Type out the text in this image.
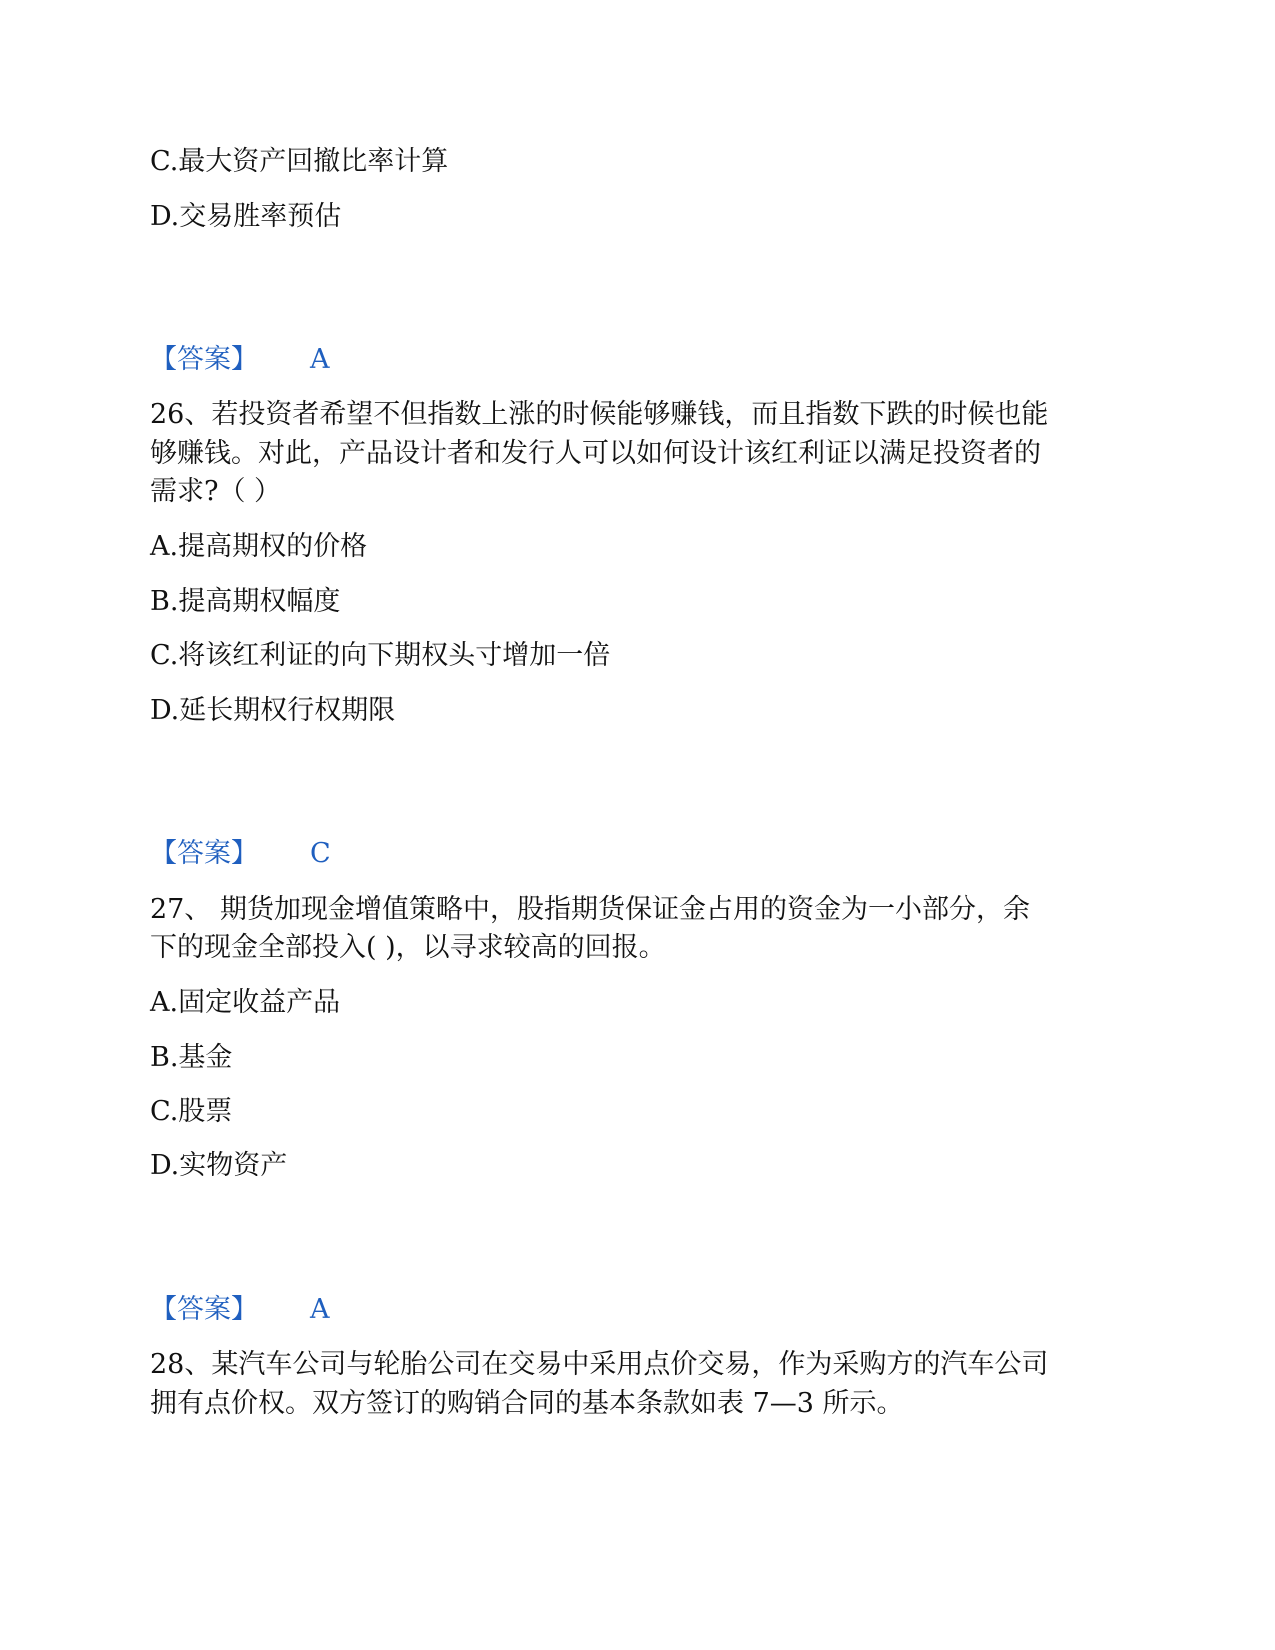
C.最大资产回撤比率计算
D.交易胜率预估
【答案】 A
26、若投资者希望不但指数上涨的时候能够赚钱，而且指数下跌的时候也能
够赚钱。对此，产品设计者和发行人可以如何设计该红利证以满足投资者的
需求?（ ）
A.提高期权的价格
B.提高期权幅度
C.将该红利证的向下期权头寸增加一倍
D.延长期权行权期限
【答案】 C
27、 期货加现金增值策略中，股指期货保证金占用的资金为一小部分，余
下的现金全部投入( )，以寻求较高的回报。
A.固定收益产品
B.基金
C.股票
D.实物资产
【答案】 A
28、某汽车公司与轮胎公司在交易中采用点价交易，作为采购方的汽车公司
拥有点价权。双方签订的购销合同的基本条款如表 7—3 所示。
